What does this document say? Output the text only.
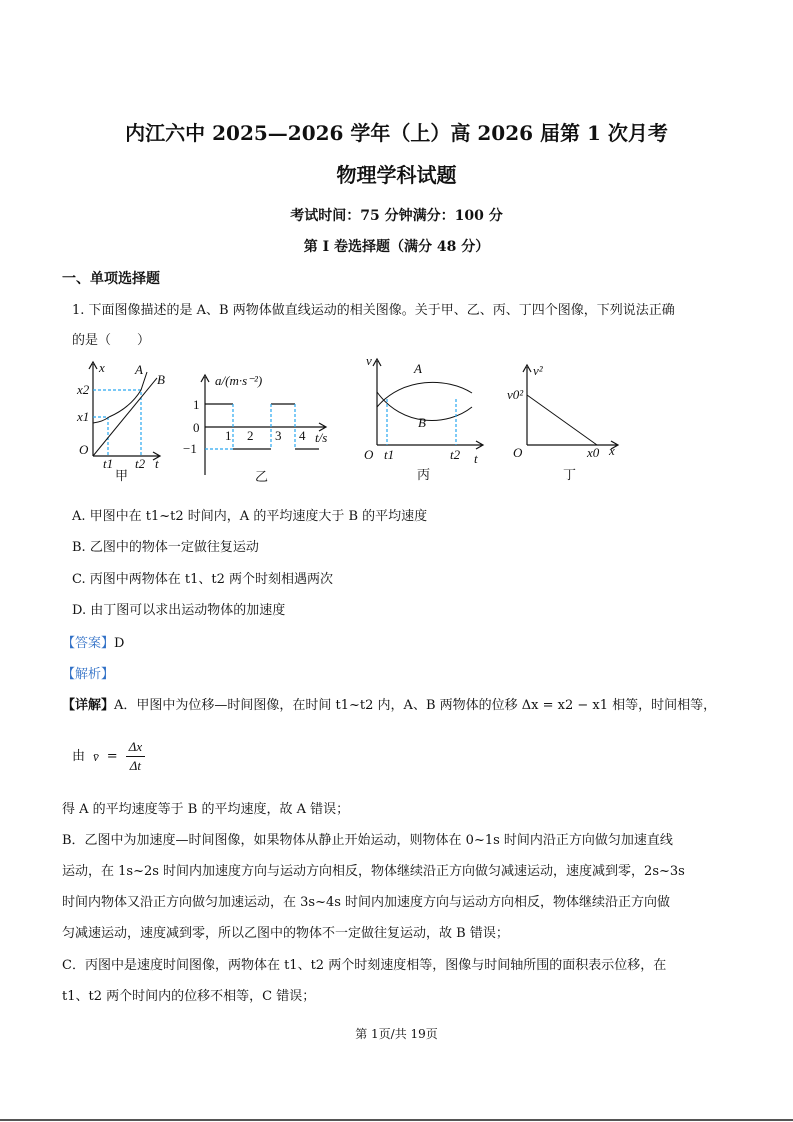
内江六中 2025—2026 学年（上）高 2026 届第 1 次月考
物理学科试题
考试时间：75 分钟满分：100 分
第 I 卷选择题（满分 48 分）
一、单项选择题
1. 下面图像描述的是 A、B 两物体做直线运动的相关图像。关于甲、乙、丙、丁四个图像，下列说法正确
的是（　　）
x A
B
x2
x1
O
t1 t2 t
甲
a/(m·s⁻²)
1
0
−1
1 2 3 4 t/s
乙
v
A
B
O t1	t2 t
丙
v²
v0²
O	x0 x
丁
A. 甲图中在 t1~t2 时间内，A 的平均速度大于 B 的平均速度
B. 乙图中的物体一定做往复运动
C. 丙图中两物体在 t1、t2 两个时刻相遇两次
D. 由丁图可以求出运动物体的加速度
【答案】D
【解析】
【详解】A．甲图中为位移—时间图像，在时间 t1~t2 内，A、B 两物体的位移 Δx = x2 − x1 相等，时间相等，
由 v̄ = $\frac{\Delta x}{\Delta t}$
得 A 的平均速度等于 B 的平均速度，故 A 错误；
B．乙图中为加速度—时间图像，如果物体从静止开始运动，则物体在 0~1s 时间内沿正方向做匀加速直线
运动，在 1s~2s 时间内加速度方向与运动方向相反，物体继续沿正方向做匀减速运动，速度减到零，2s~3s
时间内物体又沿正方向做匀加速运动，在 3s~4s 时间内加速度方向与运动方向相反，物体继续沿正方向做
匀减速运动，速度减到零，所以乙图中的物体不一定做往复运动，故 B 错误；
C．丙图中是速度时间图像，两物体在 t1、t2 两个时刻速度相等，图像与时间轴所围的面积表示位移，在
t1、t2 两个时间内的位移不相等，C 错误；
第 1页/共 19页
